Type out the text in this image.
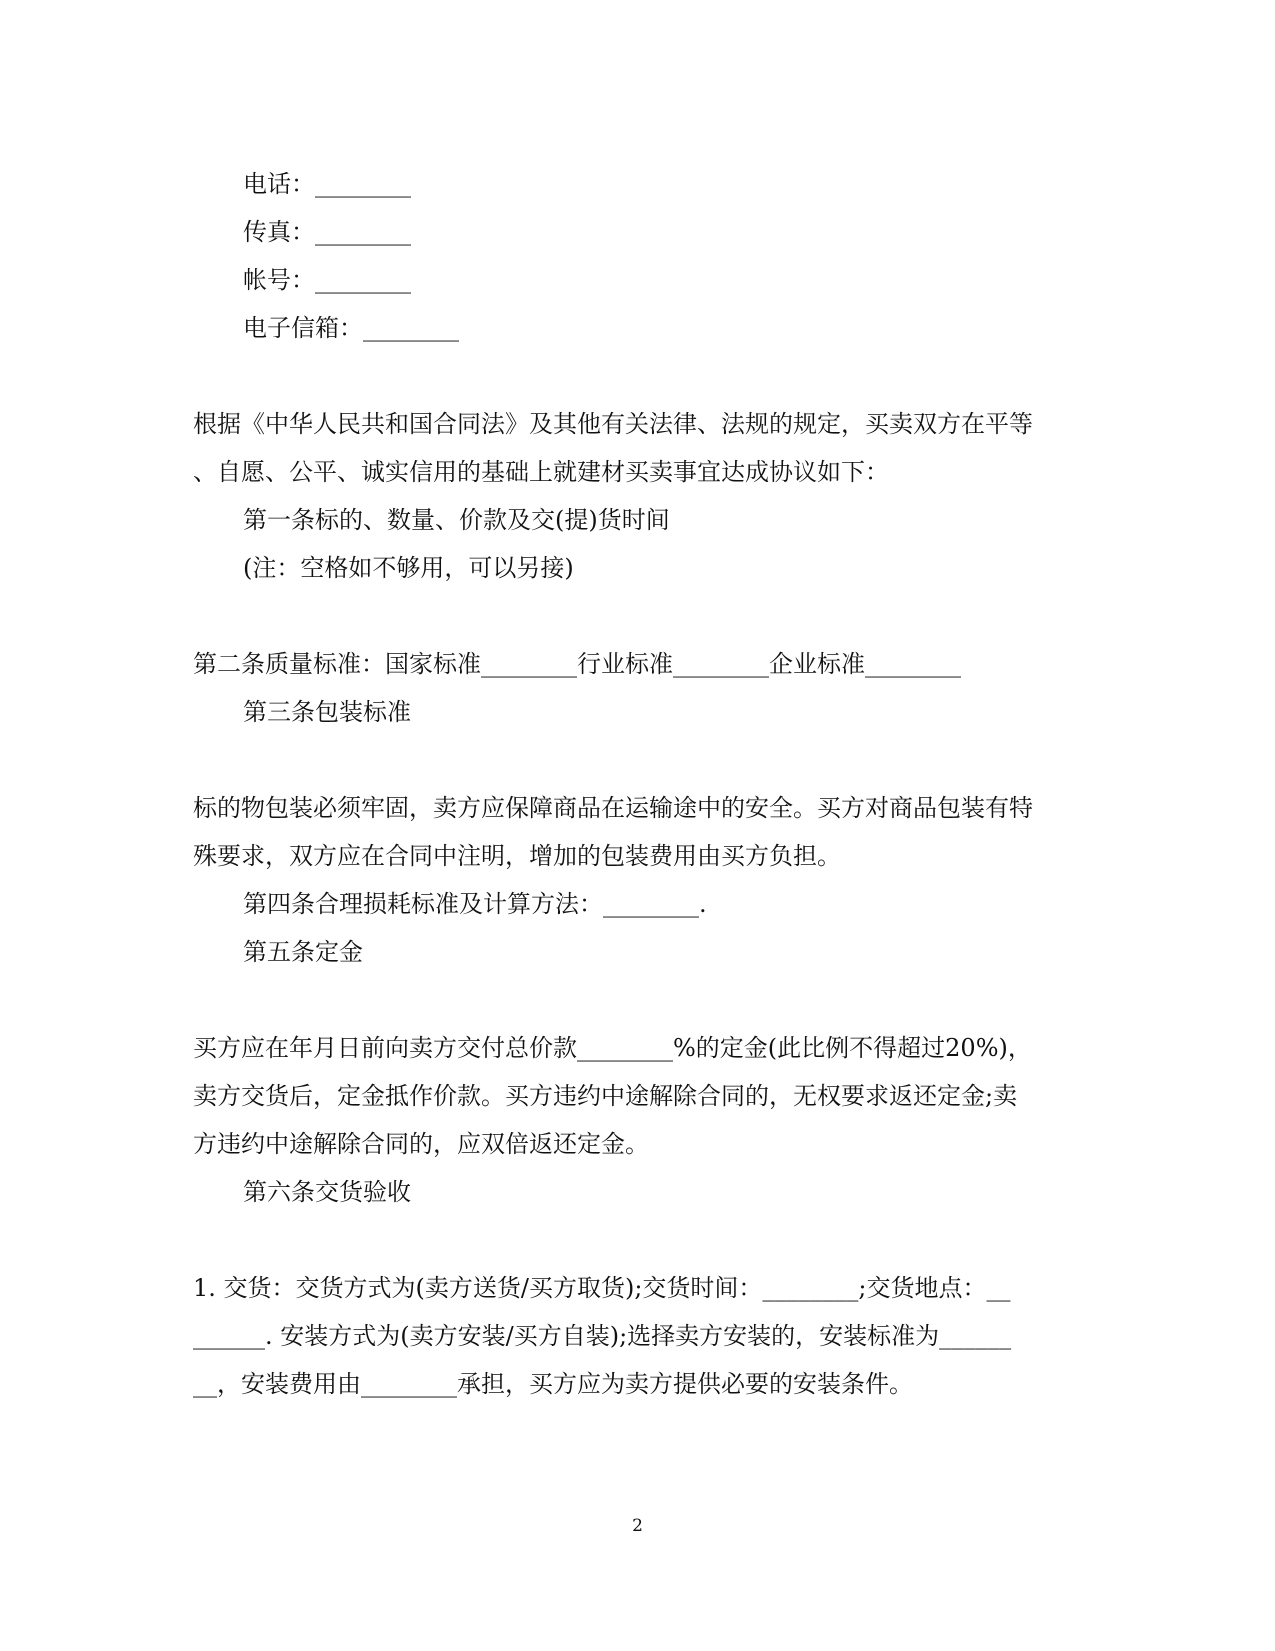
电话：________
传真：________
帐号：________
电子信箱：________
根据《中华人民共和国合同法》及其他有关法律、法规的规定，买卖双方在平等
、自愿、公平、诚实信用的基础上就建材买卖事宜达成协议如下：
第一条标的、数量、价款及交(提)货时间
(注：空格如不够用，可以另接)
第二条质量标准：国家标准________行业标准________企业标准________
第三条包装标准
标的物包装必须牢固，卖方应保障商品在运输途中的安全。买方对商品包装有特
殊要求，双方应在合同中注明，增加的包装费用由买方负担。
第四条合理损耗标准及计算方法：________.
第五条定金
买方应在年月日前向卖方交付总价款________%的定金(此比例不得超过20%)，
卖方交货后，定金抵作价款。买方违约中途解除合同的，无权要求返还定金;卖
方违约中途解除合同的，应双倍返还定金。
第六条交货验收
1. 交货：交货方式为(卖方送货/买方取货);交货时间：________;交货地点：__
______. 安装方式为(卖方安装/买方自装);选择卖方安装的，安装标准为______
__，安装费用由________承担，买方应为卖方提供必要的安装条件。
2
